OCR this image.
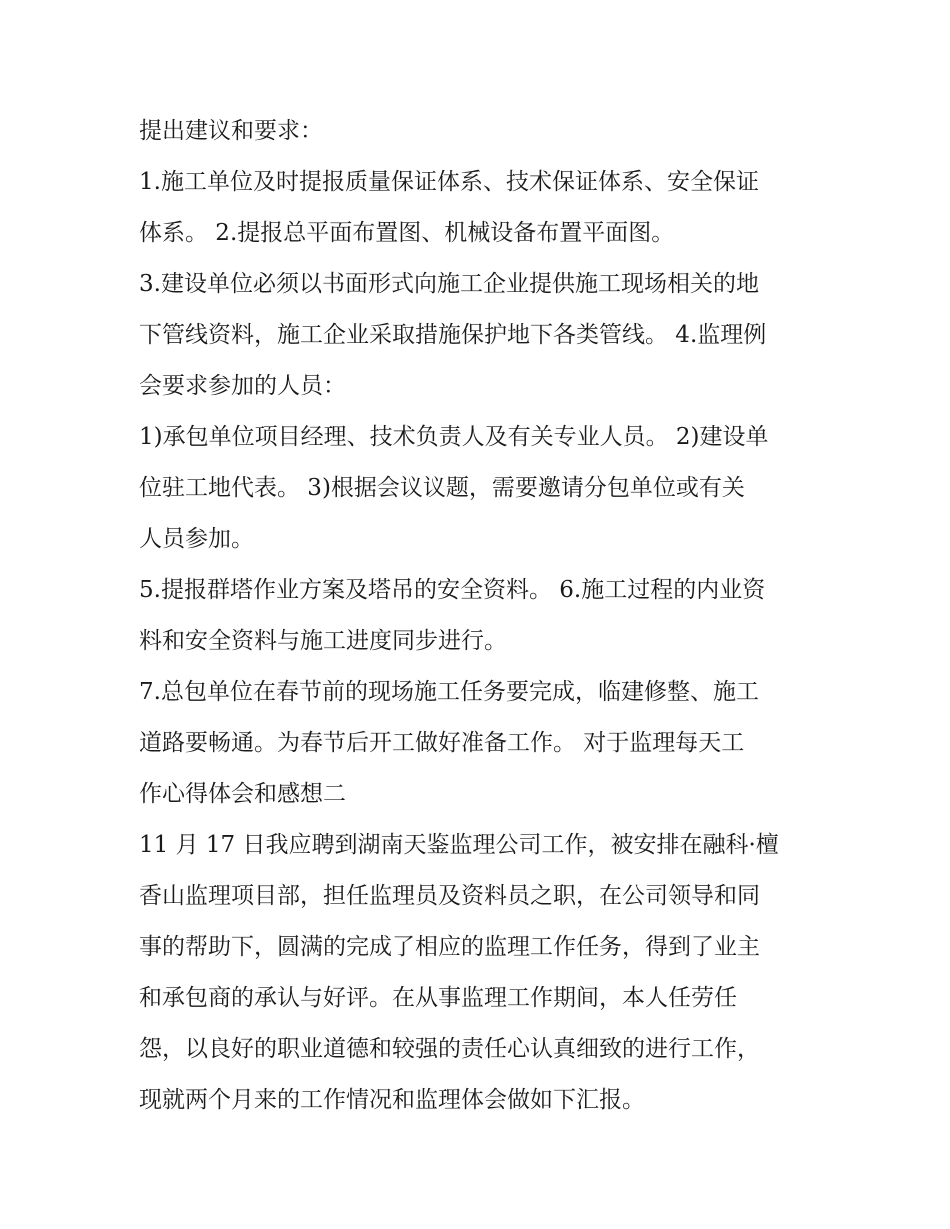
提出建议和要求：
1.施工单位及时提报质量保证体系、技术保证体系、安全保证
体系。 2.提报总平面布置图、机械设备布置平面图。
3.建设单位必须以书面形式向施工企业提供施工现场相关的地
下管线资料，施工企业采取措施保护地下各类管线。 4.监理例
会要求参加的人员：
1)承包单位项目经理、技术负责人及有关专业人员。 2)建设单
位驻工地代表。 3)根据会议议题，需要邀请分包单位或有关
人员参加。
5.提报群塔作业方案及塔吊的安全资料。 6.施工过程的内业资
料和安全资料与施工进度同步进行。
7.总包单位在春节前的现场施工任务要完成，临建修整、施工
道路要畅通。为春节后开工做好准备工作。 对于监理每天工
作心得体会和感想二
11 月 17 日我应聘到湖南天鉴监理公司工作，被安排在融科·檀
香山监理项目部，担任监理员及资料员之职，在公司领导和同
事的帮助下，圆满的完成了相应的监理工作任务，得到了业主
和承包商的承认与好评。在从事监理工作期间，本人任劳任
怨，以良好的职业道德和较强的责任心认真细致的进行工作，
现就两个月来的工作情况和监理体会做如下汇报。
